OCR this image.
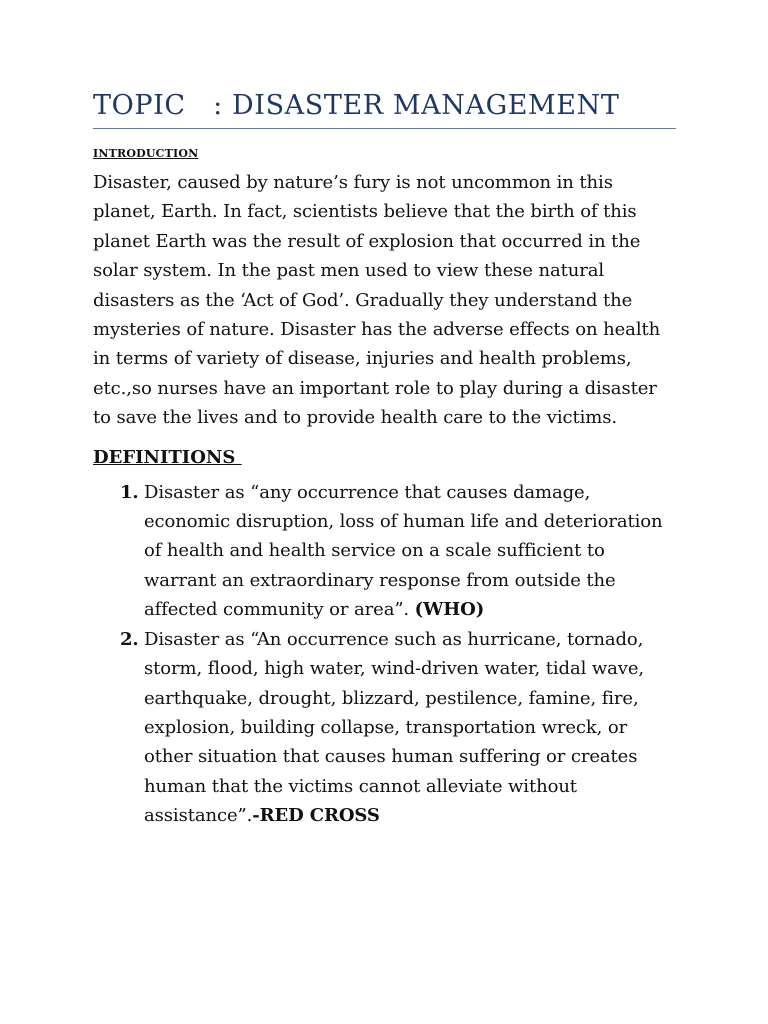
TOPIC   : DISASTER MANAGEMENT
INTRODUCTION

Disaster, caused by nature’s fury is not uncommon in this planet, Earth. In fact, scientists believe that the birth of this planet Earth was the result of explosion that occurred in the solar system. In the past men used to view these natural disasters as the ‘Act of God’. Gradually they understand the mysteries of nature. Disaster has the adverse effects on health in terms of variety of disease, injuries and health problems, etc.,so nurses have an important role to play during a disaster to save the lives and to provide health care to the victims.

DEFINITIONS
1. Disaster as “any occurrence that causes damage, economic disruption, loss of human life and deterioration of health and health service on a scale sufficient to warrant an extraordinary response from outside the affected community or area”. (WHO)
2. Disaster as “An occurrence such as hurricane, tornado, storm, flood, high water, wind-driven water, tidal wave, earthquake, drought, blizzard, pestilence, famine, fire, explosion, building collapse, transportation wreck, or other situation that causes human suffering or creates human that the victims cannot alleviate without assistance”.-RED CROSS
